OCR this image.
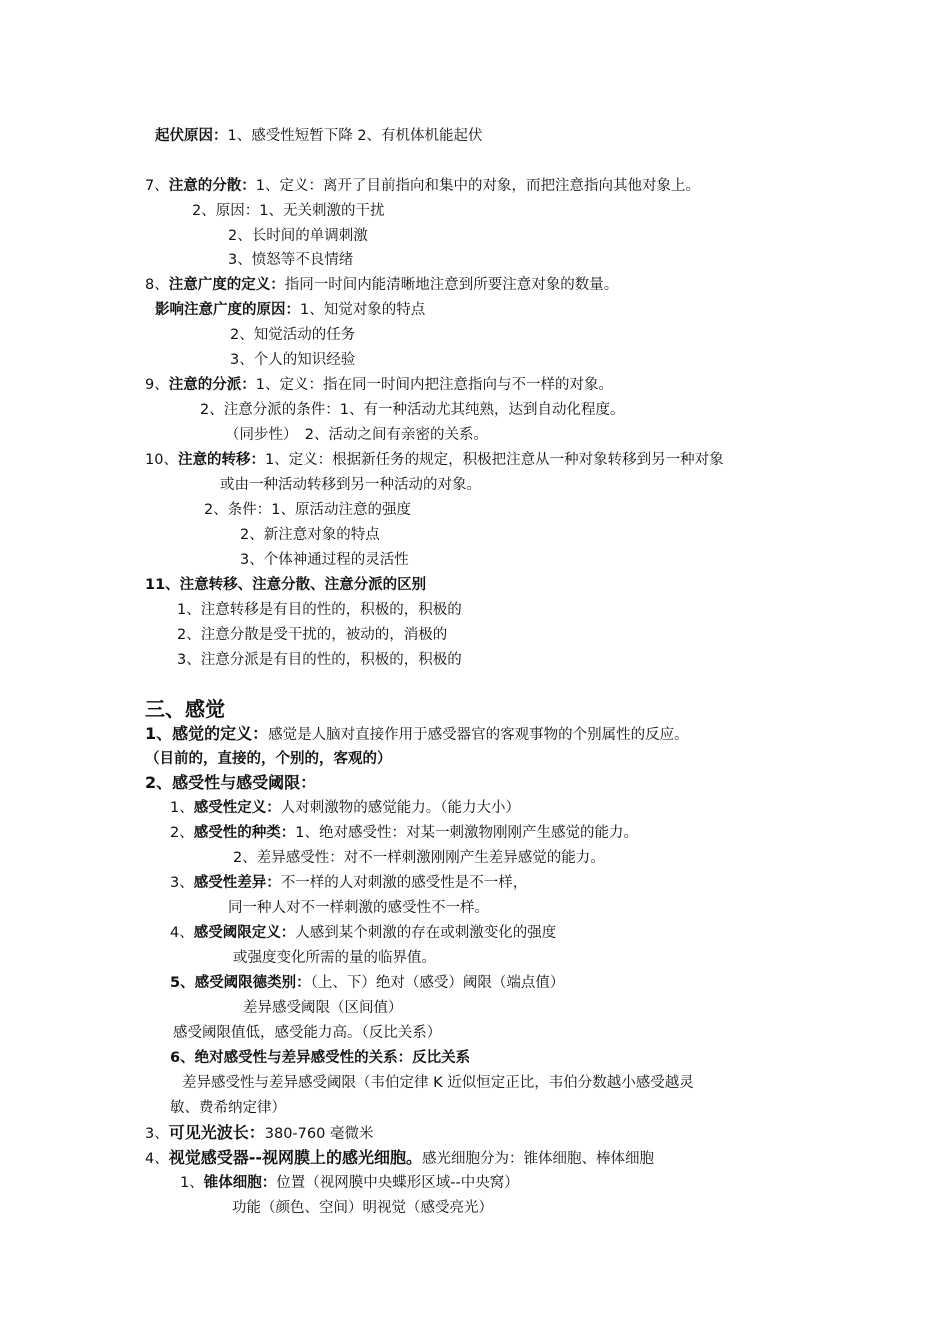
起伏原因：1、感受性短暂下降 2、有机体机能起伏
7、注意的分散：1、定义：离开了目前指向和集中的对象，而把注意指向其他对象上。
2、原因：1、无关刺激的干扰
2、长时间的单调刺激
3、愤怒等不良情绪
8、注意广度的定义：指同一时间内能清晰地注意到所要注意对象的数量。
影响注意广度的原因：1、知觉对象的特点
2、知觉活动的任务
3、个人的知识经验
9、注意的分派：1、定义：指在同一时间内把注意指向与不一样的对象。
2、注意分派的条件：1、有一种活动尤其纯熟，达到自动化程度。
（同步性）　2、活动之间有亲密的关系。
10、注意的转移：1、定义：根据新任务的规定，积极把注意从一种对象转移到另一种对象
或由一种活动转移到另一种活动的对象。
2、条件：1、原活动注意的强度
2、新注意对象的特点
3、个体神通过程的灵活性
11、注意转移、注意分散、注意分派的区别
1、注意转移是有目的性的，积极的，积极的
2、注意分散是受干扰的，被动的，消极的
3、注意分派是有目的性的，积极的，积极的
三、感觉
1、感觉的定义：感觉是人脑对直接作用于感受器官的客观事物的个别属性的反应。
（目前的，直接的，个别的，客观的）
2、感受性与感受阈限：
1、感受性定义：人对刺激物的感觉能力。（能力大小）
2、感受性的种类：1、绝对感受性：对某一刺激物刚刚产生感觉的能力。
2、差异感受性：对不一样刺激刚刚产生差异感觉的能力。
3、感受性差异：不一样的人对刺激的感受性是不一样，
同一种人对不一样刺激的感受性不一样。
4、感受阈限定义：人感到某个刺激的存在或刺激变化的强度
或强度变化所需的量的临界值。
5、感受阈限德类别：（上、下）绝对（感受）阈限（端点值）
差异感受阈限（区间值）
感受阈限值低，感受能力高。（反比关系）
6、绝对感受性与差异感受性的关系：反比关系
差异感受性与差异感受阈限（韦伯定律 K 近似恒定正比，韦伯分数越小感受越灵
敏、费希纳定律）
3、可见光波长：380-760 毫微米
4、视觉感受器--视网膜上的感光细胞。感光细胞分为：锥体细胞、棒体细胞
1、锥体细胞：位置（视网膜中央蝶形区域--中央窝）
功能（颜色、空间）明视觉（感受亮光）
